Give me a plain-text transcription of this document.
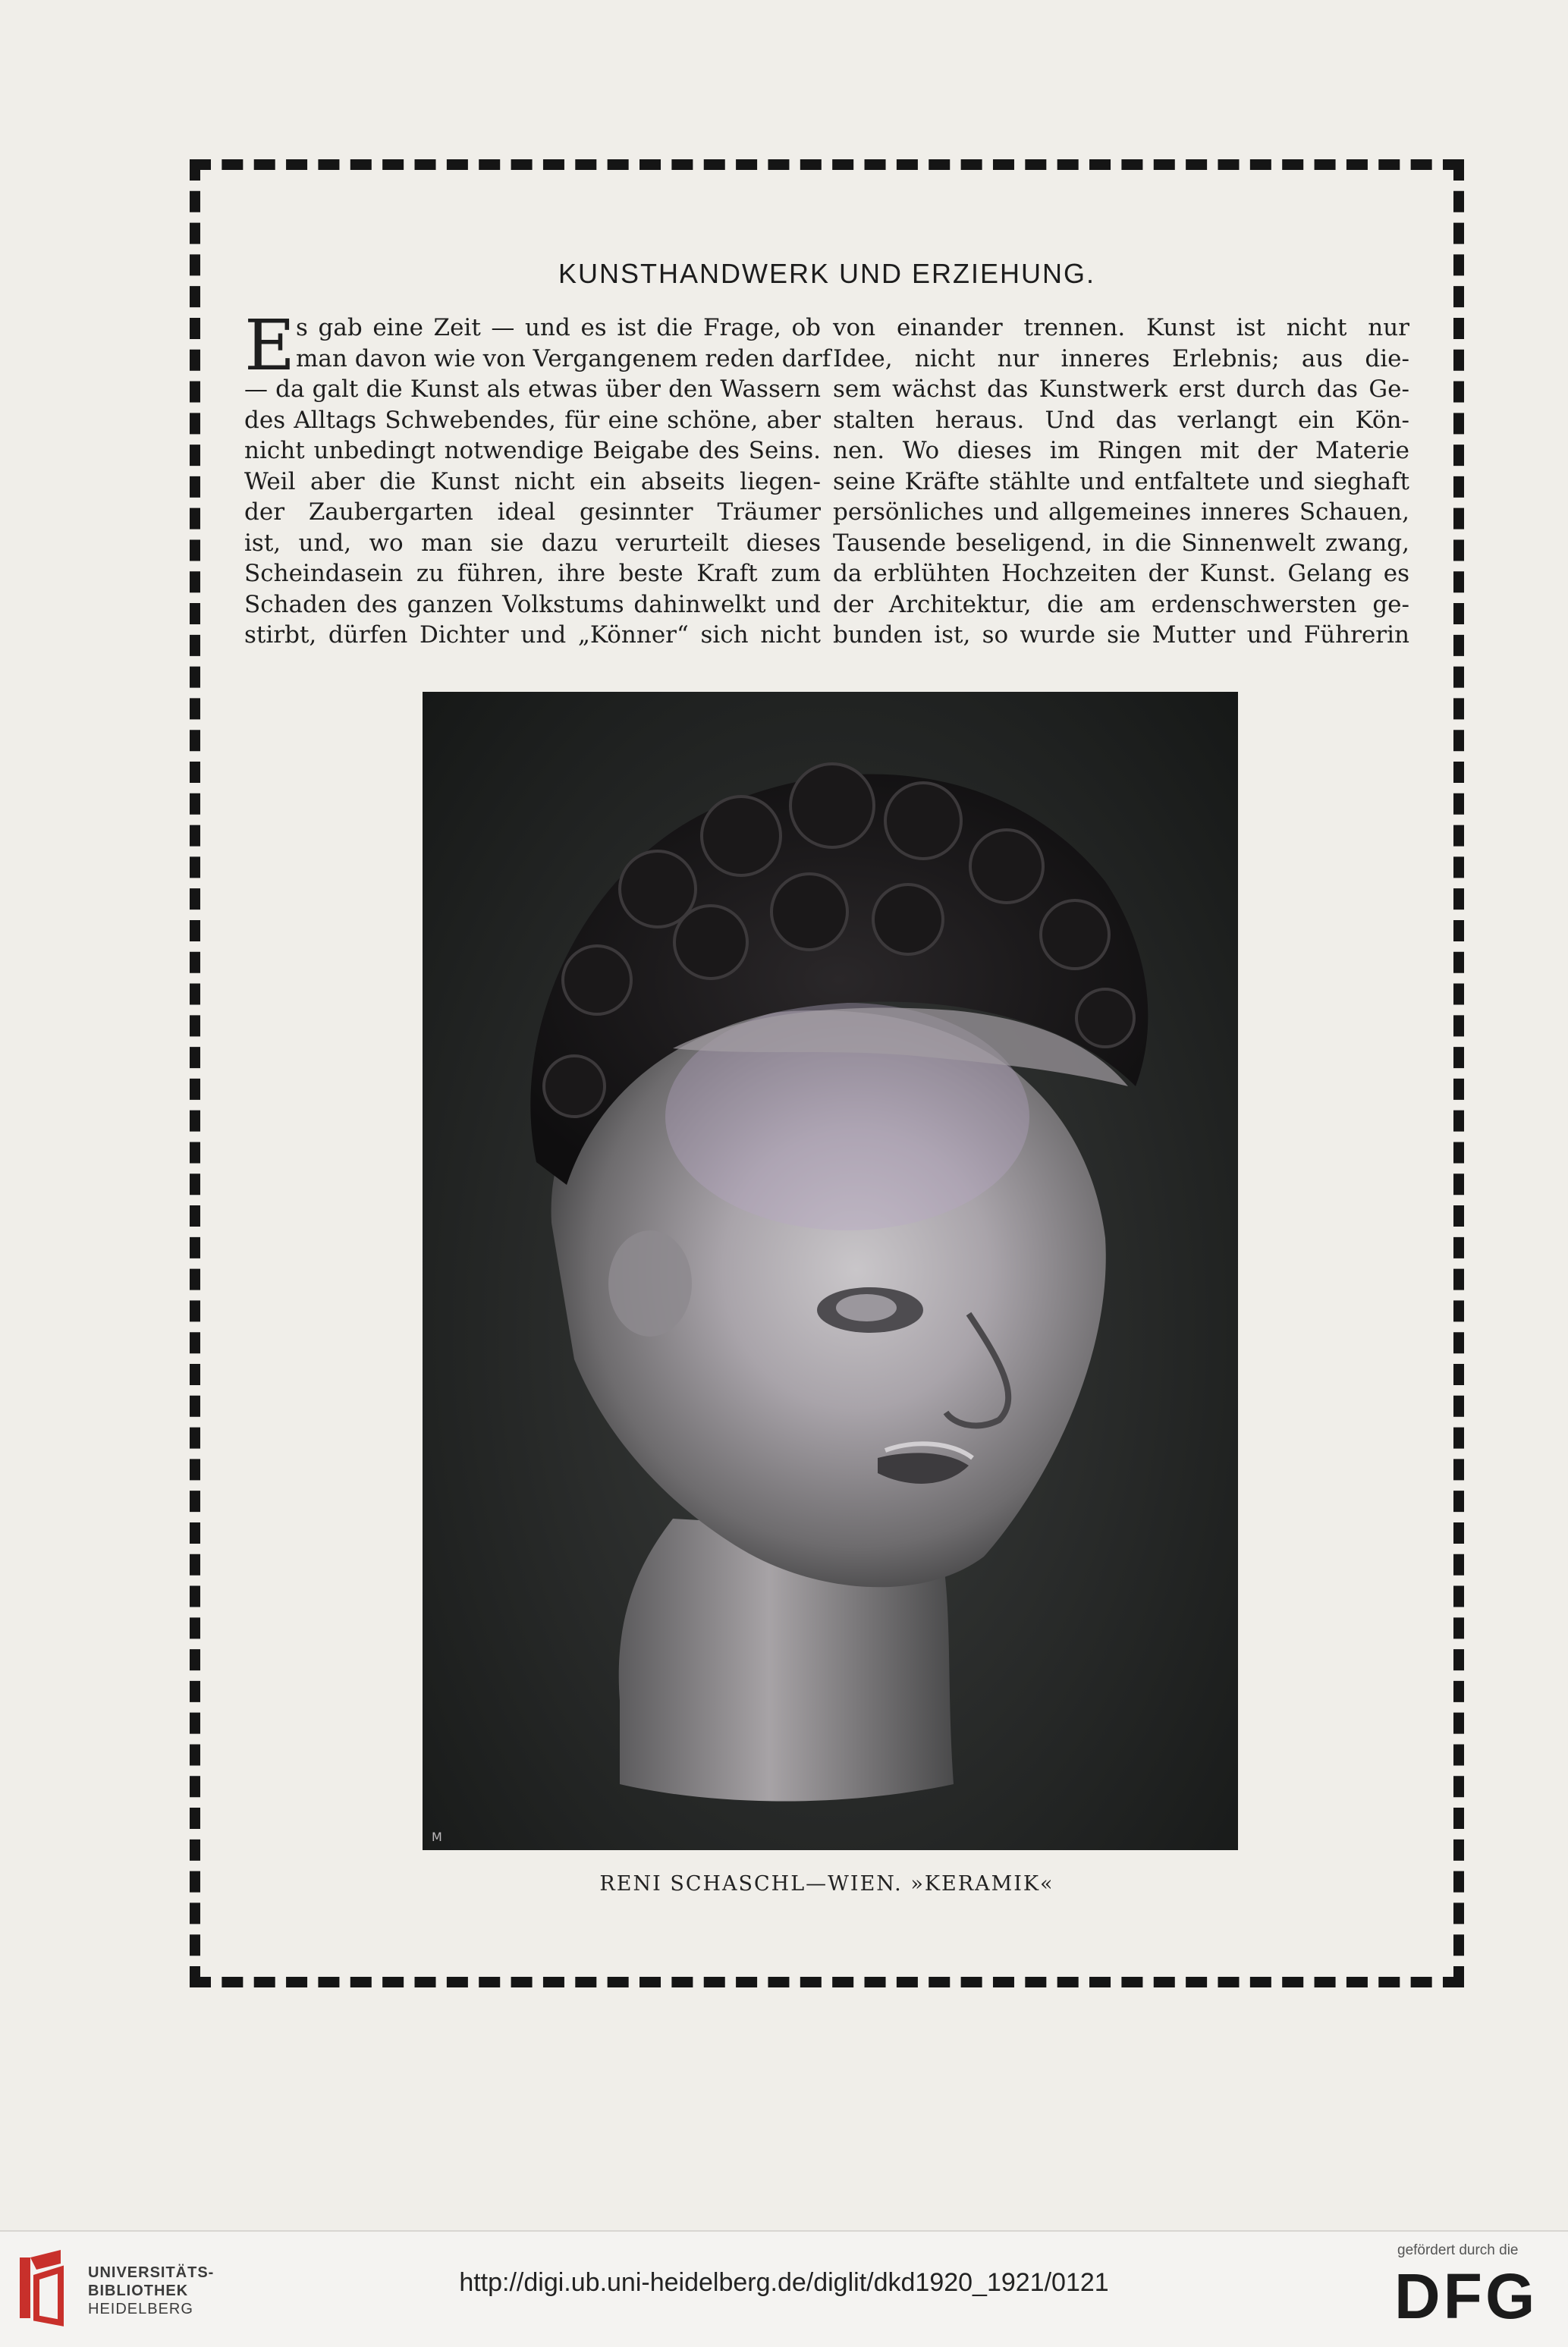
KUNSTHANDWERK UND ERZIEHUNG.
E s gab eine Zeit — und es ist die Frage, ob
man davon wie von Vergangenem reden darf
— da galt die Kunst als etwas über den Wassern
des Alltags Schwebendes, für eine schöne, aber
nicht unbedingt notwendige Beigabe des Seins.
Weil aber die Kunst nicht ein abseits liegen-
der Zaubergarten ideal gesinnter Träumer
ist, und, wo man sie dazu verurteilt dieses
Scheindasein zu führen, ihre beste Kraft zum
Schaden des ganzen Volkstums dahinwelkt und
stirbt, dürfen Dichter und „Könner“ sich nicht
von einander trennen. Kunst ist nicht nur
Idee, nicht nur inneres Erlebnis; aus die-
sem wächst das Kunstwerk erst durch das Ge-
stalten heraus. Und das verlangt ein Kön-
nen. Wo dieses im Ringen mit der Materie
seine Kräfte stählte und entfaltete und sieghaft
persönliches und allgemeines inneres Schauen,
Tausende beseligend, in die Sinnenwelt zwang,
da erblühten Hochzeiten der Kunst. Gelang es
der Architektur, die am erdenschwersten ge-
bunden ist, so wurde sie Mutter und Führerin
M
RENI SCHASCHL—WIEN. »KERAMIK«
UNIVERSITÄTS-
BIBLIOTHEK
HEIDELBERG
http://digi.ub.uni-heidelberg.de/diglit/dkd1920_1921/0121
gefördert durch die
DFG
